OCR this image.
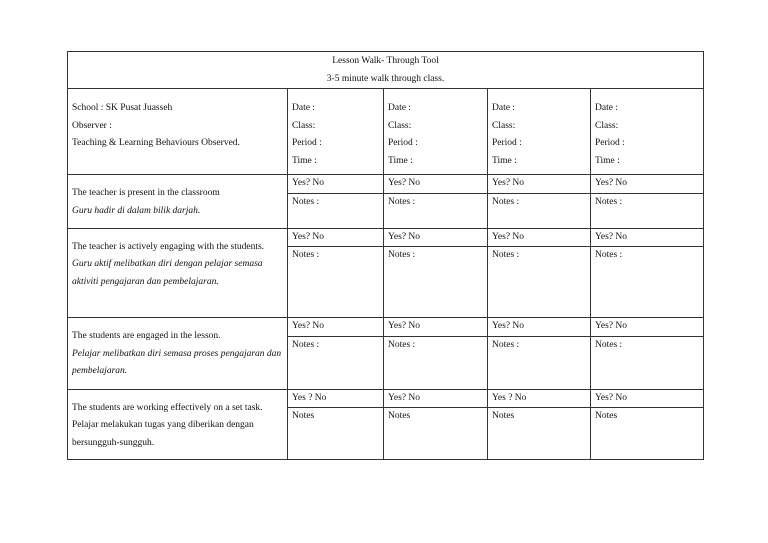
Lesson Walk- Through Tool
3-5 minute walk through class.				

School : SK Pusat Juasseh
Observer :
Teaching & Learning Behaviours Observed.	Date :
Class:
Period :
Time :	Date :
Class:
Period :
Time :	Date :
Class:
Period :
Time :	Date :
Class:
Period :
Time :

The teacher is present in the classroom
Guru hadir di dalam bilik darjah.	Yes? No	Yes? No	Yes? No	Yes? No
	Notes :	Notes :	Notes :	Notes :

The teacher is actively engaging with the students.
Guru aktif melibatkan diri dengan pelajar semasa aktiviti pengajaran dan pembelajaran.	Yes? No	Yes? No	Yes? No	Yes? No
	Notes :	Notes :	Notes :	Notes :

The students are engaged in the lesson.
Pelajar melibatkan diri semasa proses pengajaran dan pembelajaran.	Yes? No	Yes? No	Yes? No	Yes? No
	Notes :	Notes :	Notes :	Notes :

The students are working effectively on a set task.
Pelajar melakukan tugas yang diberikan dengan bersungguh-sungguh.	Yes ? No	Yes? No	Yes ? No	Yes? No
	Notes	Notes	Notes	Notes
